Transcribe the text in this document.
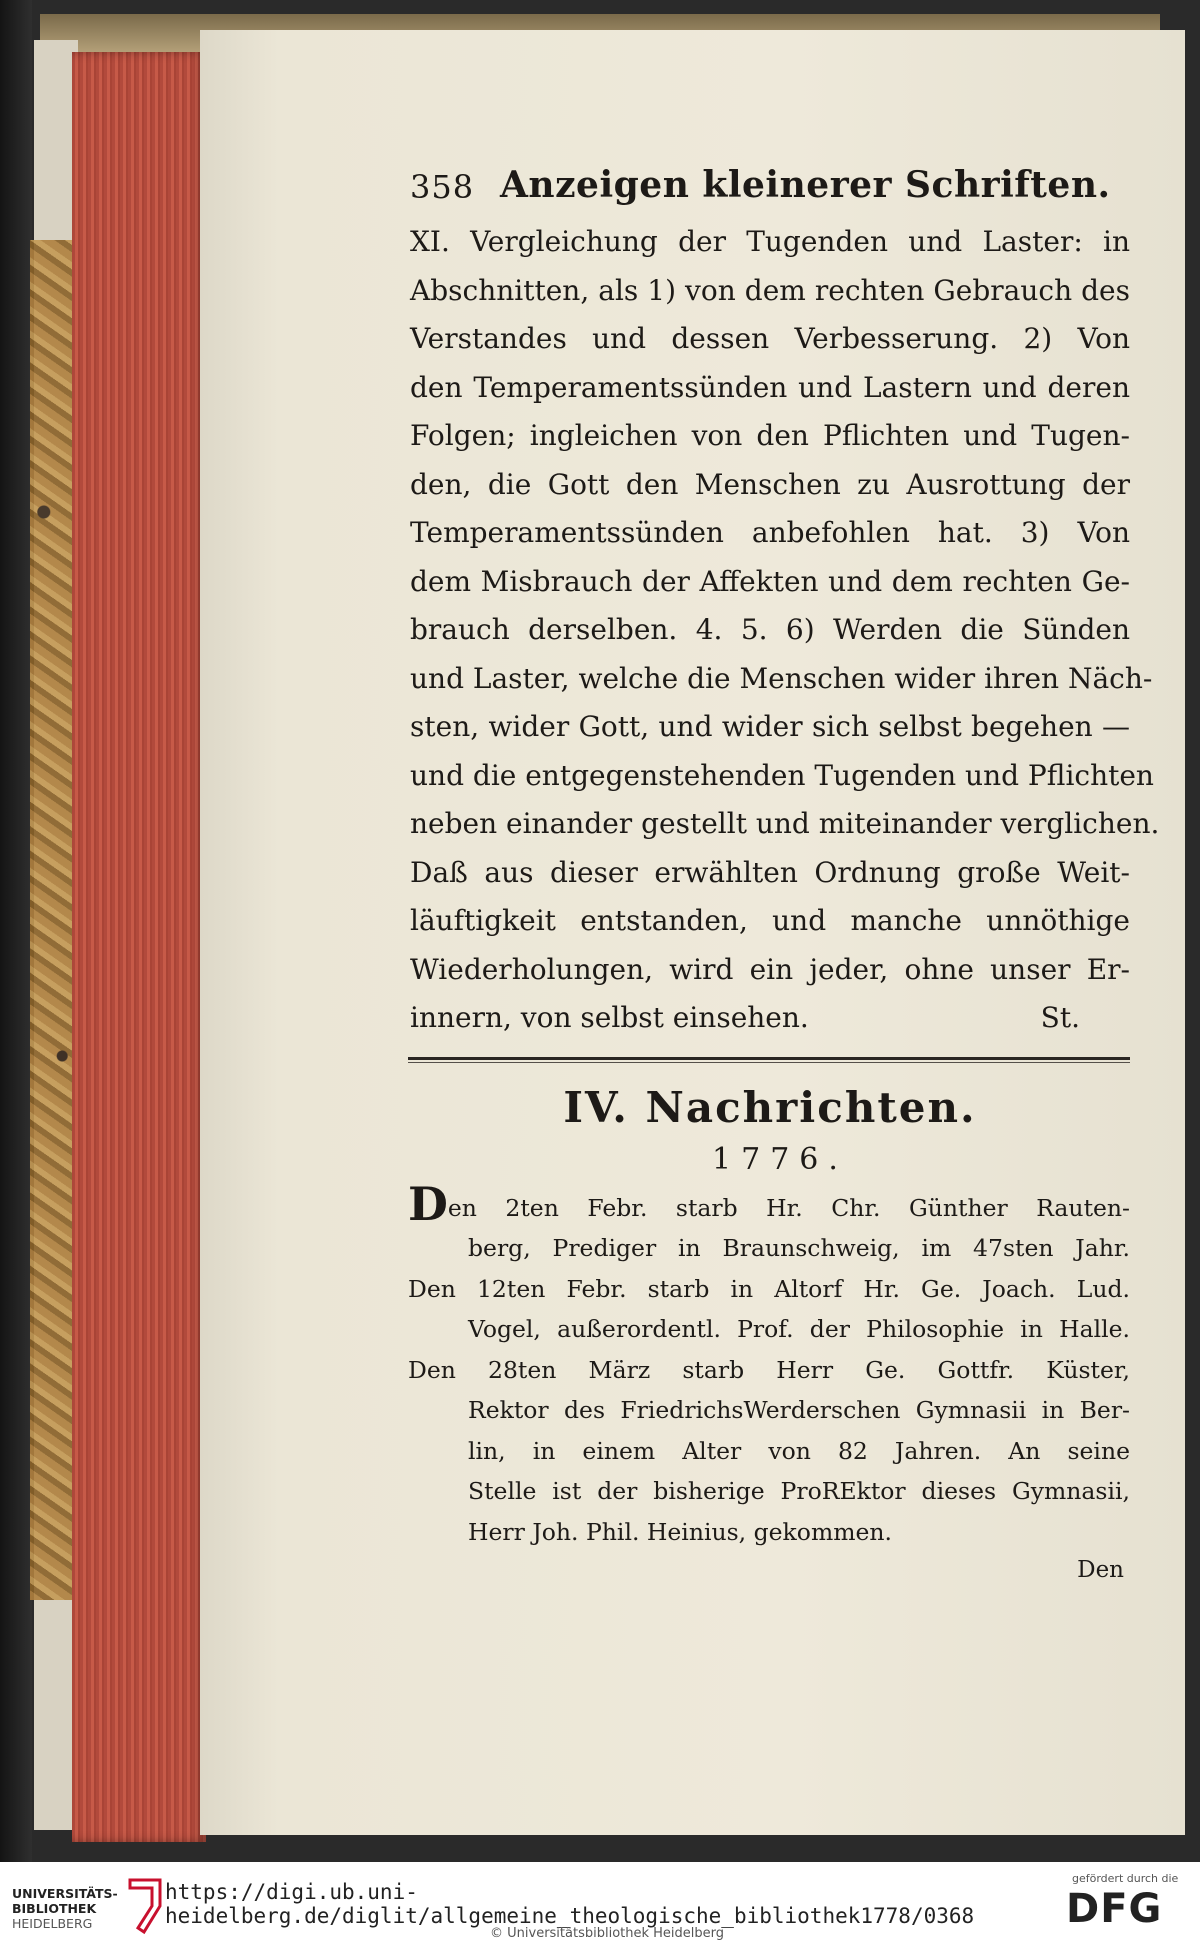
358 Anzeigen kleinerer Schriften.
XI. Vergleichung der Tugenden und Laster: in
Abschnitten, als 1) von dem rechten Gebrauch des
Verstandes und dessen Verbesserung. 2) Von
den Temperamentssünden und Lastern und deren
Folgen; ingleichen von den Pflichten und Tugen-
den, die Gott den Menschen zu Ausrottung der
Temperamentssünden anbefohlen hat. 3) Von
dem Misbrauch der Affekten und dem rechten Ge-
brauch derselben. 4. 5. 6) Werden die Sünden
und Laster, welche die Menschen wider ihren Näch-
sten, wider Gott, und wider sich selbst begehen —
und die entgegenstehenden Tugenden und Pflichten
neben einander gestellt und miteinander verglichen.
Daß aus dieser erwählten Ordnung große Weit-
läuftigkeit entstanden, und manche unnöthige
Wiederholungen, wird ein jeder, ohne unser Er-
innern, von selbst einsehen.	St.
IV. Nachrichten.
1776.
Den 2ten Febr. starb Hr. Chr. Günther Rauten-
berg, Prediger in Braunschweig, im 47sten Jahr.
Den 12ten Febr. starb in Altorf Hr. Ge. Joach. Lud.
Vogel, außerordentl. Prof. der Philosophie in Halle.
Den 28ten März starb Herr Ge. Gottfr. Küster,
Rektor des FriedrichsWerderschen Gymnasii in Ber-
lin, in einem Alter von 82 Jahren. An seine
Stelle ist der bisherige ProREktor dieses Gymnasii,
Herr Joh. Phil. Heinius, gekommen.
Den
UNIVERSITÄTS-
BIBLIOTHEK
HEIDELBERG
https://digi.ub.uni-heidelberg.de/diglit/allgemeine_theologische_bibliothek1778/0368
© Universitätsbibliothek Heidelberg
gefördert durch die
DFG
